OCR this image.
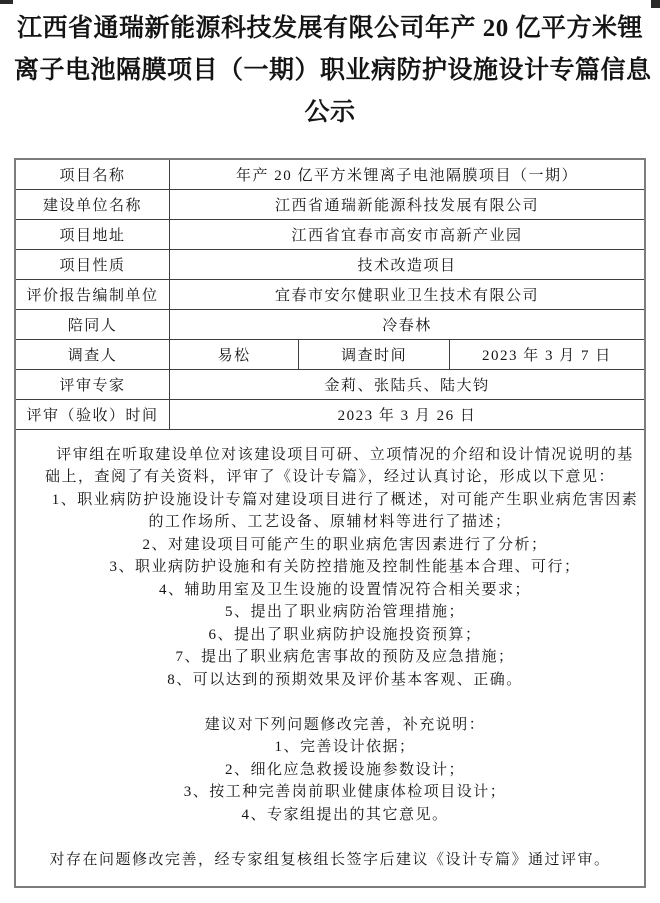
江西省通瑞新能源科技发展有限公司年产 20 亿平方米锂
离子电池隔膜项目（一期）职业病防护设施设计专篇信息
公示
项目名称	年产 20 亿平方米锂离子电池隔膜项目（一期）		
建设单位名称	江西省通瑞新能源科技发展有限公司		
项目地址	江西省宜春市高安市高新产业园		
项目性质	技术改造项目		
评价报告编制单位	宜春市安尔健职业卫生技术有限公司		
陪同人	冷春林		
调查人	易松	调查时间	2023 年 3 月 7 日
评审专家	金莉、张陆兵、陆大钧		
评审（验收）时间	2023 年 3 月 26 日		

评审组在听取建设单位对该建设项目可研、立项情况的介绍和设计情况说明的基础上，查阅了有关资料，评审了《设计专篇》，经过认真讨论，形成以下意见：

1、职业病防护设施设计专篇对建设项目进行了概述，对可能产生职业病危害因素的工作场所、工艺设备、原辅材料等进行了描述；

2、对建设项目可能产生的职业病危害因素进行了分析；

3、职业病防护设施和有关防控措施及控制性能基本合理、可行；

4、辅助用室及卫生设施的设置情况符合相关要求；

5、提出了职业病防治管理措施；

6、提出了职业病防护设施投资预算；

7、提出了职业病危害事故的预防及应急措施；

8、可以达到的预期效果及评价基本客观、正确。

建议对下列问题修改完善，补充说明：

1、完善设计依据；

2、细化应急救援设施参数设计；

3、按工种完善岗前职业健康体检项目设计；

4、专家组提出的其它意见。

对存在问题修改完善，经专家组复核组长签字后建议《设计专篇》通过评审。
